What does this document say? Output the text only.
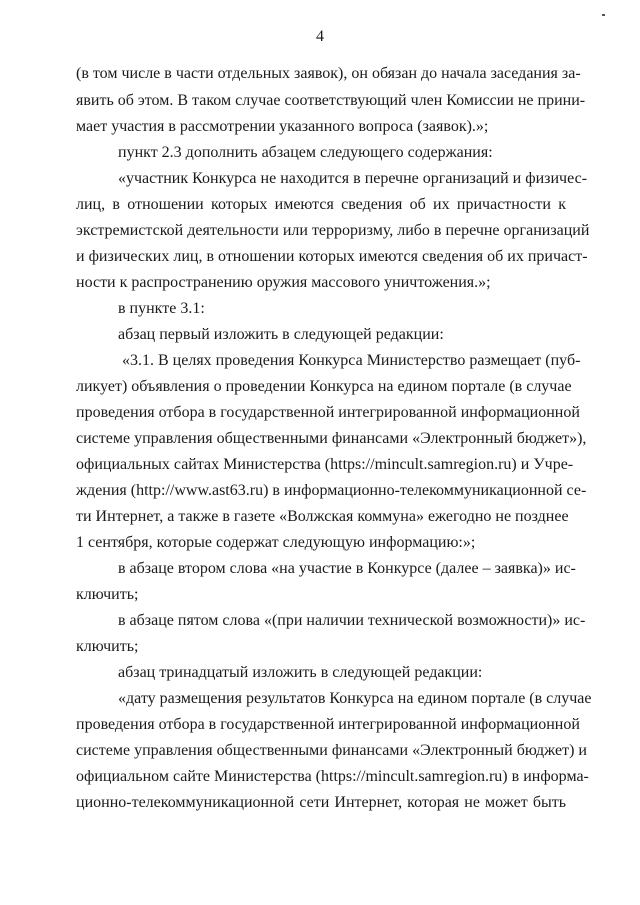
4
(в том числе в части отдельных заявок), он обязан до начала заседания за-
явить об этом. В таком случае соответствующий член Комиссии не прини-
мает участия в рассмотрении указанного вопроса (заявок).»;
пункт 2.3 дополнить абзацем следующего содержания:
«участник Конкурса не находится в перечне организаций и физичес-
лиц, в отношении которых имеются сведения об их причастности к
экстремистской деятельности или терроризму, либо в перечне организаций
и физических лиц, в отношении которых имеются сведения об их причаст-
ности к распространению оружия массового уничтожения.»;
в пункте 3.1:
абзац первый изложить в следующей редакции:
«3.1. В целях проведения Конкурса Министерство размещает (пуб-
ликует) объявления о проведении Конкурса на едином портале (в случае
проведения отбора в государственной интегрированной информационной
системе управления общественными финансами «Электронный бюджет»),
официальных сайтах Министерства (https://mincult.samregion.ru) и Учре-
ждения (http://www.ast63.ru) в информационно-телекоммуникационной се-
ти Интернет, а также в газете «Волжская коммуна» ежегодно не позднее
1 сентября, которые содержат следующую информацию:»;
в абзаце втором слова «на участие в Конкурсе (далее – заявка)» ис-
ключить;
в абзаце пятом слова «(при наличии технической возможности)» ис-
ключить;
абзац тринадцатый изложить в следующей редакции:
«дату размещения результатов Конкурса на едином портале (в случае
проведения отбора в государственной интегрированной информационной
системе управления общественными финансами «Электронный бюджет) и
официальном сайте Министерства (https://mincult.samregion.ru) в информа-
ционно-телекоммуникационной сети Интернет, которая не может быть
